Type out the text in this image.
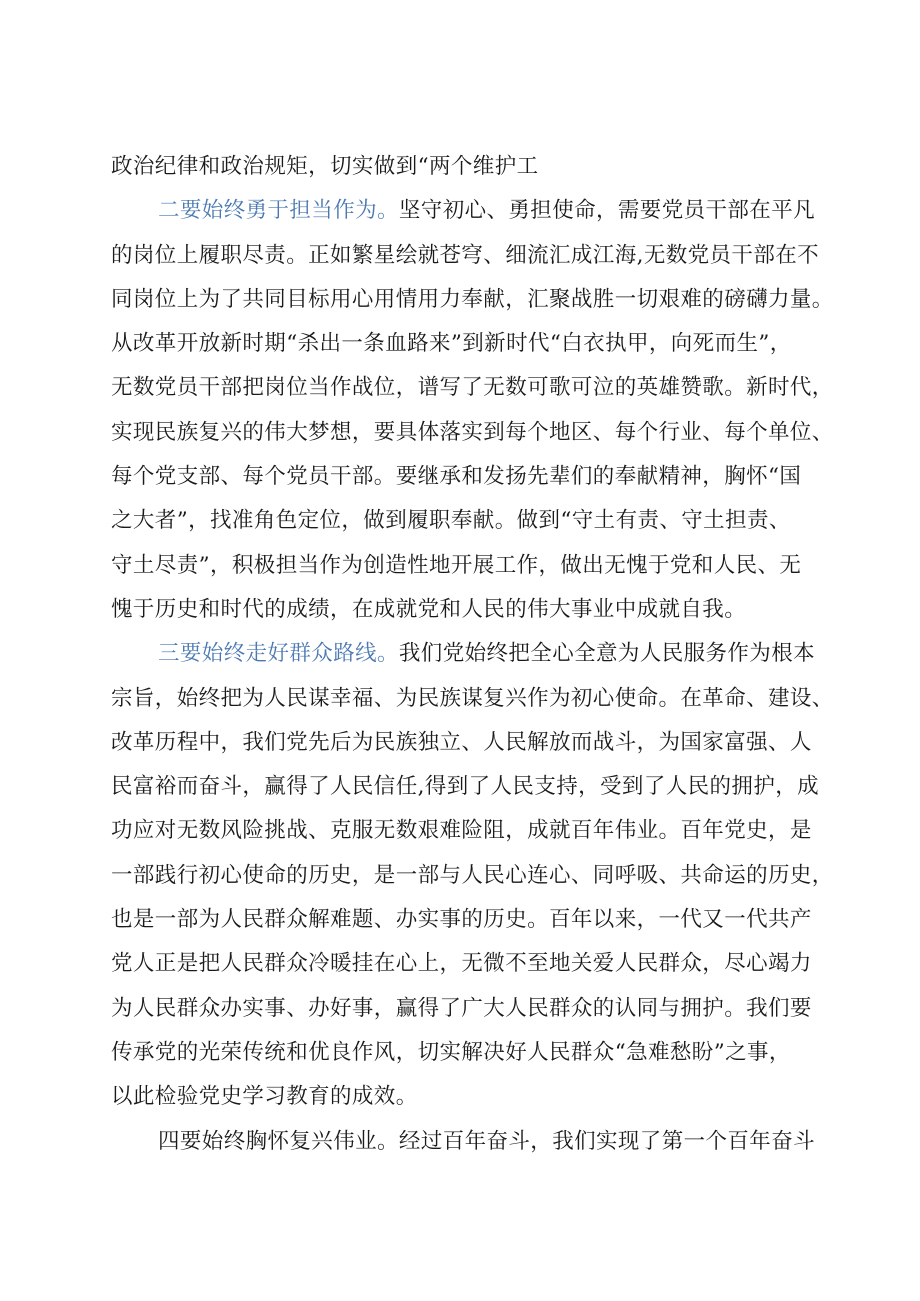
政治纪律和政治规矩，切实做到“两个维护工

二要始终勇于担当作为。坚守初心、勇担使命，需要党员干部在平凡
的岗位上履职尽责。正如繁星绘就苍穹、细流汇成江海,无数党员干部在不
同岗位上为了共同目标用心用情用力奉献，汇聚战胜一切艰难的磅礴力量。
从改革开放新时期“杀出一条血路来”到新时代“白衣执甲，向死而生”，
无数党员干部把岗位当作战位，谱写了无数可歌可泣的英雄赞歌。新时代，
实现民族复兴的伟大梦想，要具体落实到每个地区、每个行业、每个单位、
每个党支部、每个党员干部。要继承和发扬先辈们的奉献精神，胸怀“国
之大者”，找准角色定位，做到履职奉献。做到“守土有责、守土担责、
守土尽责”，积极担当作为创造性地开展工作，做出无愧于党和人民、无
愧于历史和时代的成绩，在成就党和人民的伟大事业中成就自我。

三要始终走好群众路线。我们党始终把全心全意为人民服务作为根本
宗旨，始终把为人民谋幸福、为民族谋复兴作为初心使命。在革命、建设、
改革历程中，我们党先后为民族独立、人民解放而战斗，为国家富强、人
民富裕而奋斗，赢得了人民信任,得到了人民支持，受到了人民的拥护，成
功应对无数风险挑战、克服无数艰难险阻，成就百年伟业。百年党史，是
一部践行初心使命的历史，是一部与人民心连心、同呼吸、共命运的历史，
也是一部为人民群众解难题、办实事的历史。百年以来，一代又一代共产
党人正是把人民群众冷暖挂在心上，无微不至地关爱人民群众，尽心竭力
为人民群众办实事、办好事，赢得了广大人民群众的认同与拥护。我们要
传承党的光荣传统和优良作风，切实解决好人民群众“急难愁盼”之事，
以此检验党史学习教育的成效。

四要始终胸怀复兴伟业。经过百年奋斗，我们实现了第一个百年奋斗
